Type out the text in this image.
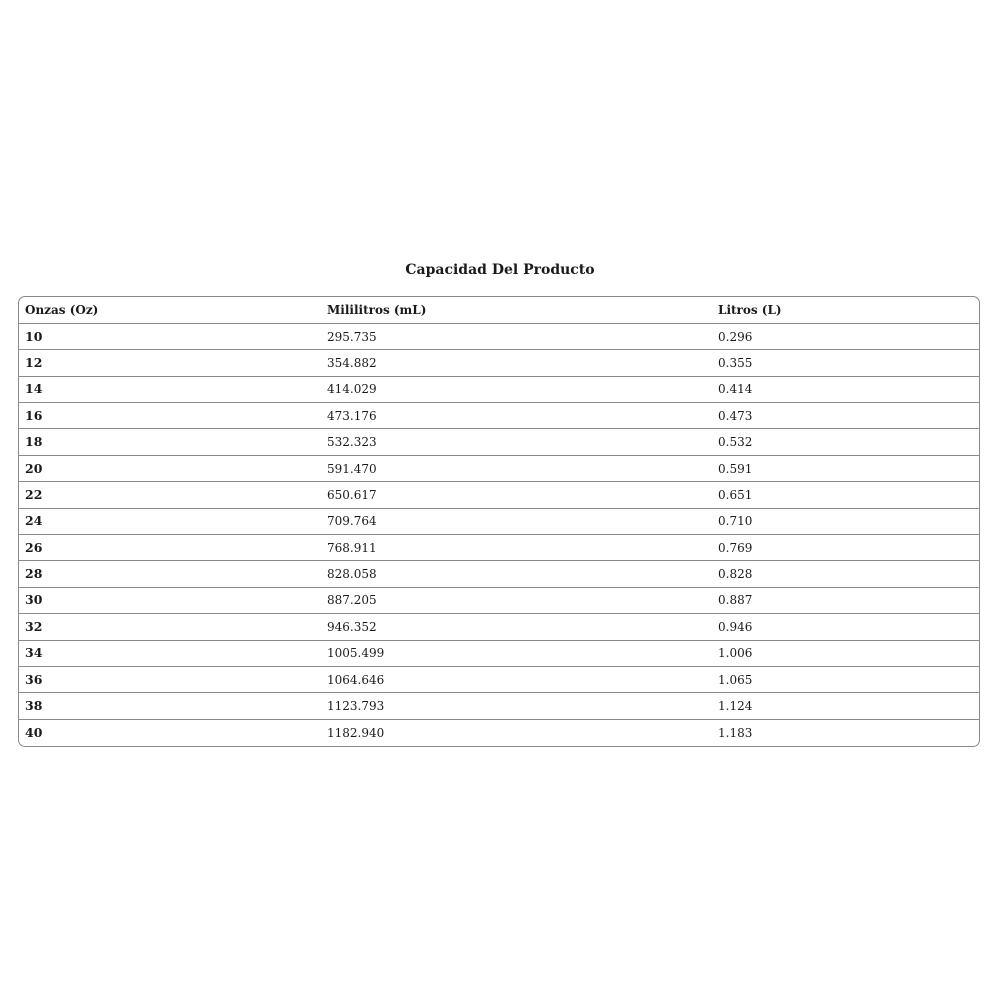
Capacidad Del Producto
Onzas (Oz)	Mililitros (mL)	Litros (L)
10	295.735	0.296
12	354.882	0.355
14	414.029	0.414
16	473.176	0.473
18	532.323	0.532
20	591.470	0.591
22	650.617	0.651
24	709.764	0.710
26	768.911	0.769
28	828.058	0.828
30	887.205	0.887
32	946.352	0.946
34	1005.499	1.006
36	1064.646	1.065
38	1123.793	1.124
40	1182.940	1.183
